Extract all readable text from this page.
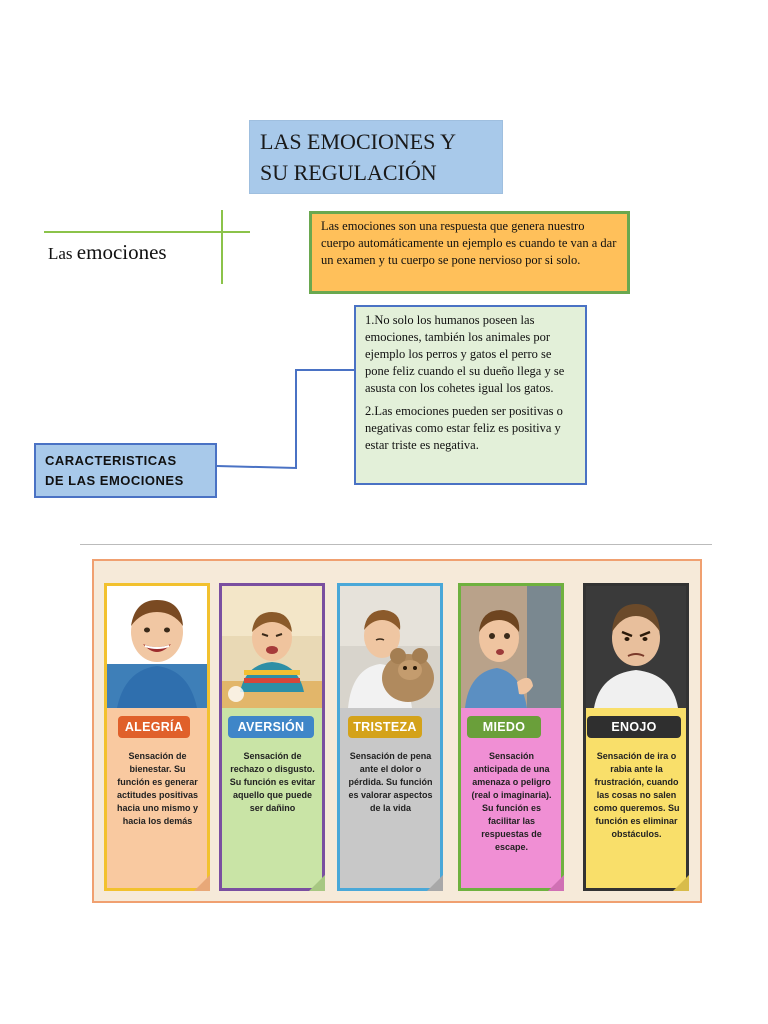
LAS EMOCIONES Y
SU REGULACIÓN
Las emociones
Las emociones son una respuesta que genera nuestro cuerpo automáticamente un ejemplo es cuando te van a dar un examen y tu cuerpo se pone nervioso por si solo.

1.No solo los humanos poseen las emociones, también los animales por ejemplo los perros y gatos el perro se pone feliz cuando el su dueño llega y se asusta con los cohetes igual los gatos.

2.Las emociones pueden ser positivas o negativas como estar feliz es positiva y estar triste es negativa.

CARACTERISTICAS
DE LAS EMOCIONES
ALEGRÍA
Sensación de bienestar. Su función es generar actitudes positivas hacia uno mismo y hacia los demás
AVERSIÓN
Sensación de rechazo o disgusto. Su función es evitar aquello que puede ser dañino
TRISTEZA
Sensación de pena ante el dolor o pérdida. Su función es valorar aspectos de la vida
MIEDO
Sensación anticipada de una amenaza o peligro (real o imaginaria). Su función es facilitar las respuestas de escape.
ENOJO
Sensación de ira o rabia ante la frustración, cuando las cosas no salen como queremos. Su función es eliminar obstáculos.
